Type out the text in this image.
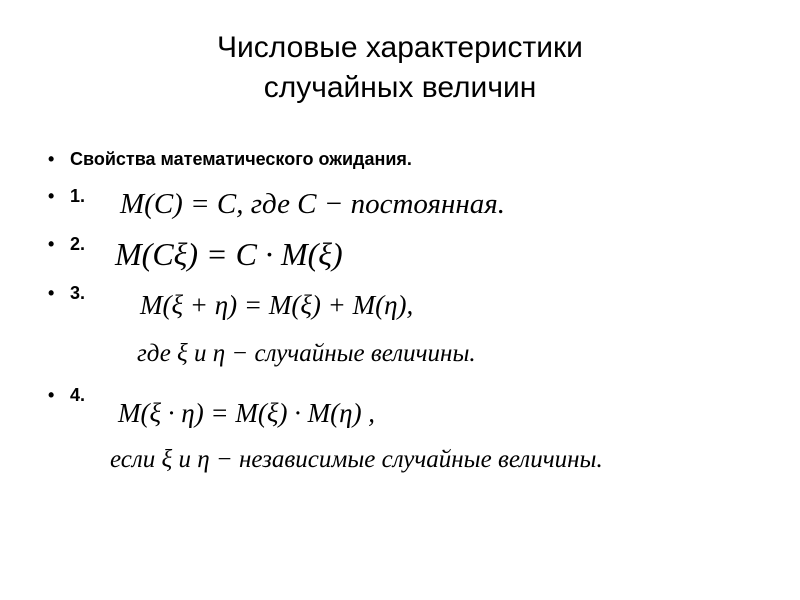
Числовые характеристики
случайных величин
• Свойства математического ожидания.
• 1. M(C) = C, где C − постоянная.
• 2. M(Cξ) = C · M(ξ)
• 3. M(ξ + η) = M(ξ) + M(η),
где ξ и η − случайные величины.
• 4.
M(ξ · η) = M(ξ) · M(η) ,
если ξ и η − независимые случайные величины.
